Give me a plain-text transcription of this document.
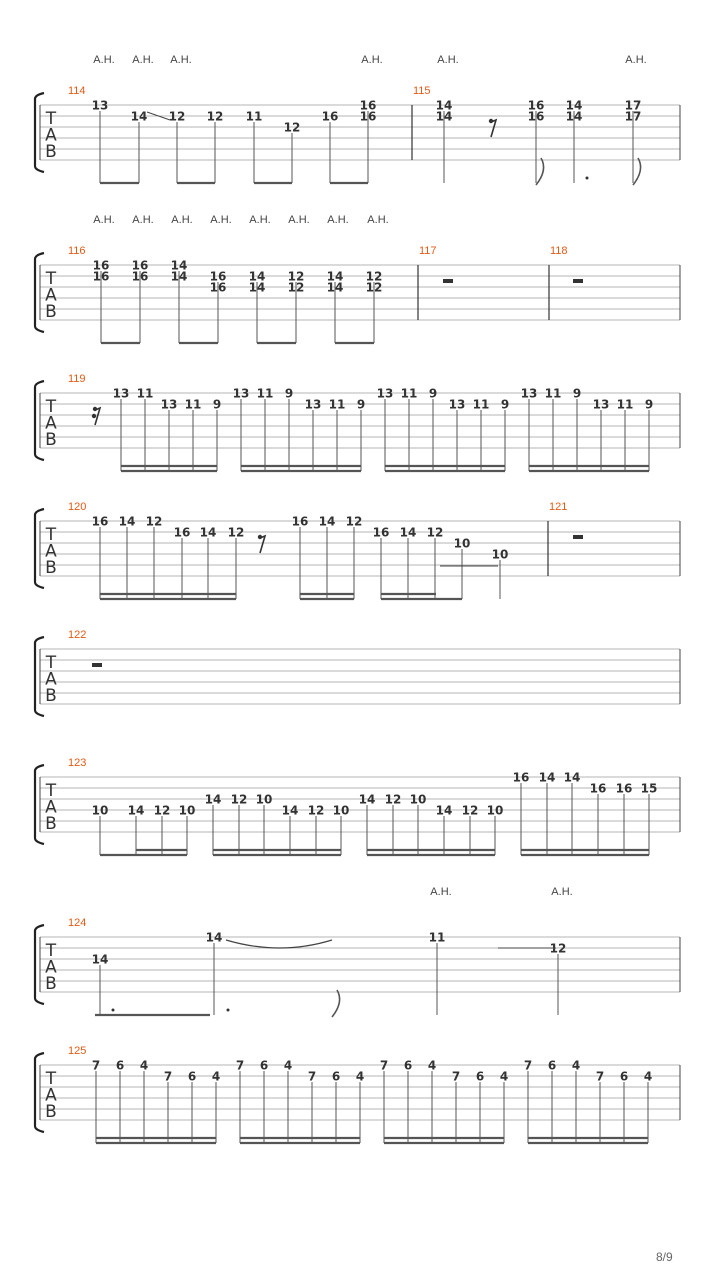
T
A
B
114
A.H. A.H. A.H.	A.H.
13
14 12 12 11
12
16
16
16
115
A.H.	A.H.
14
14
16
16
14
14
17
17
T
A
B
116
A.H. A.H. A.H. A.H. A.H. A.H. A.H. A.H.
16
16
16
16
14
14 16
16
14
14
12
12
14
14
12
12
117	118
T
A
B
119
13 11
13 11 9
13 11 9
13 11 9
13 11 9
13 11 9
13 11 9
13 11 9
T
A
B
120
16 14 12
16 14 12
16 14 12
16 14 12
10
10
121
T
A
B
122
T
A
B
123
10 14 12 10
14 12 10
14 12 10
14 12 10
14 12 10
16 14 14
16 16 15
T
A
B
124
A.H.	A.H.
14
14	11
12
T
A
B
125
7 6 4
7 6 4
7 6 4
7 6 4
7 6 4
7 6 4
7 6 4
7 6 4
8/9
